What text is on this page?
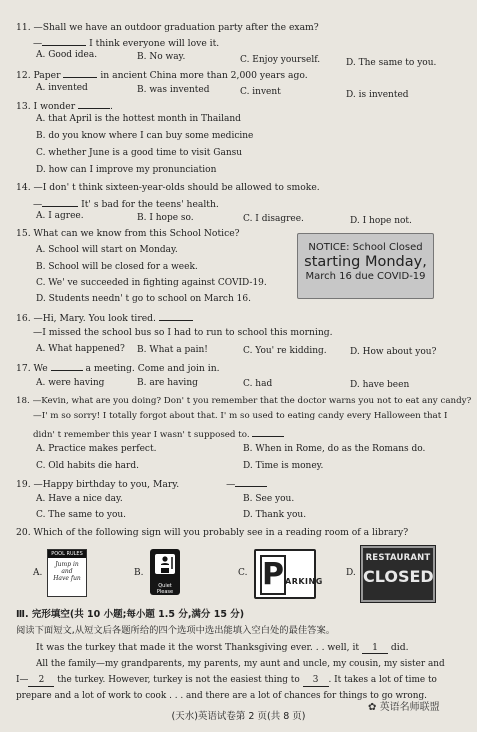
11. —Shall we have an outdoor graduation party after the exam?
—	I think everyone will love it.
A. Good idea.	B. No way.	C. Enjoy yourself.	D. The same to you.
12. Paper	in ancient China more than 2,000 years ago.
A. invented	B. was invented	C. invent	D. is invented
13. I wonder	.
A. that April is the hottest month in Thailand
B. do you know where I can buy some medicine
C. whether June is a good time to visit Gansu
D. how can I improve my pronunciation
14. —I don' t think sixteen-year-olds should be allowed to smoke.
—	It' s bad for the teens' health.
A. I agree.	B. I hope so.	C. I disagree.	D. I hope not.
15. What can we know from this School Notice?
A. School will start on Monday.
B. School will be closed for a week.
C. We' ve succeeded in fighting against COVID-19.
D. Students needn' t go to school on March 16.
NOTICE: School Closed
starting Monday,
March 16 due COVID-19
16. —Hi, Mary. You look tired.
—I missed the school bus so I had to run to school this morning.
A. What happened? B. What a pain!	C. You' re kidding.	D. How about you?
17. We	a meeting. Come and join in.
A. were having	B. are having	C. had	D. have been
18. —Kevin, what are you doing? Don' t you remember that the doctor warns you not to eat any candy?
—I' m so sorry! I totally forgot about that. I' m so used to eating candy every Halloween that I
didn' t remember this year I wasn' t supposed to.
A. Practice makes perfect.	B. When in Rome, do as the Romans do.
C. Old habits die hard.	D. Time is money.
19. —Happy birthday to you, Mary.	—
A. Have a nice day.	B. See you.
C. The same to you.	D. Thank you.
20. Which of the following sign will you probably see in a reading room of a library?
A.
POOL RULES
Jump in
and
Have fun
B.
Quiet
Please
C. P ARKING
D.
RESTAURANT
CLOSED
Ⅲ. 完形填空(共 10 小题;每小题 1.5 分,满分 15 分)
阅读下面短文,从短文后各题所给的四个选项中选出能填入空白处的最佳答案。
It was the turkey that made it the worst Thanksgiving ever. . . well, it 1 did.
All the family—my grandparents, my parents, my aunt and uncle, my cousin, my sister and
I— 2 the turkey. However, turkey is not the easiest thing to 3 . It takes a lot of time to
prepare and a lot of work to cook . . . and there are a lot of chances for things to go wrong.
(天水)英语试卷第 2 页(共 8 页)
✿ 英语名师联盟
